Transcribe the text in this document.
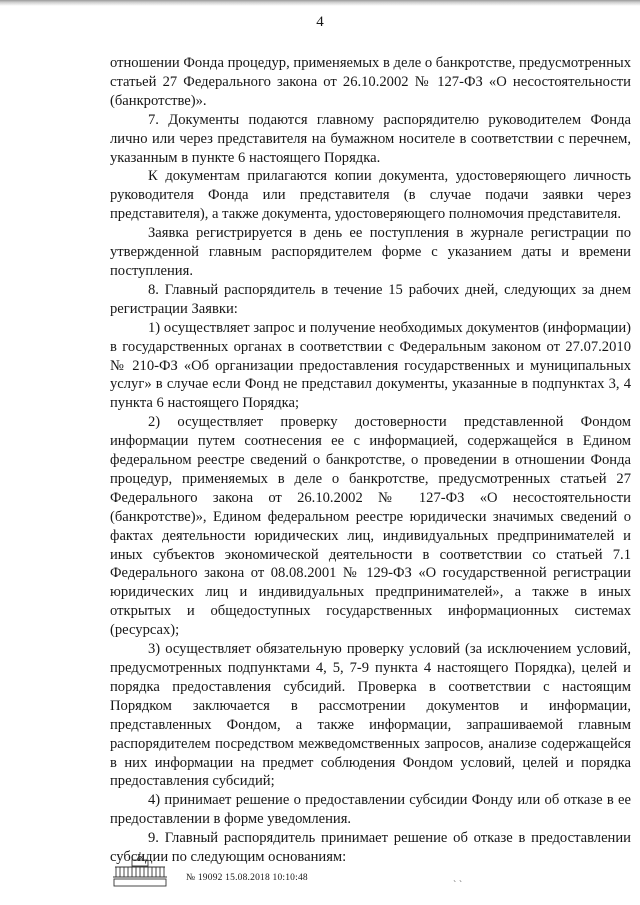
4

отношении Фонда процедур, применяемых в деле о банкротстве, предусмотренных статьей 27 Федерального закона от 26.10.2002 № 127-ФЗ «О несостоятельности (банкротстве)».

7. Документы подаются главному распорядителю руководителем Фонда лично или через представителя на бумажном носителе в соответствии с перечнем, указанным в пункте 6 настоящего Порядка.

К документам прилагаются копии документа, удостоверяющего личность руководителя Фонда или представителя (в случае подачи заявки через представителя), а также документа, удостоверяющего полномочия представителя.

Заявка регистрируется в день ее поступления в журнале регистрации по утвержденной главным распорядителем форме с указанием даты и времени поступления.

8. Главный распорядитель в течение 15 рабочих дней, следующих за днем регистрации Заявки:

1) осуществляет запрос и получение необходимых документов (информации) в государственных органах в соответствии с Федеральным законом от 27.07.2010 № 210-ФЗ «Об организации предоставления государственных и муниципальных услуг» в случае если Фонд не представил документы, указанные в подпунктах 3, 4 пункта 6 настоящего Порядка;

2) осуществляет проверку достоверности представленной Фондом информации путем соотнесения ее с информацией, содержащейся в Едином федеральном реестре сведений о банкротстве, о проведении в отношении Фонда процедур, применяемых в деле о банкротстве, предусмотренных статьей 27 Федерального закона от 26.10.2002 № 127-ФЗ «О несостоятельности (банкротстве)», Едином федеральном реестре юридически значимых сведений о фактах деятельности юридических лиц, индивидуальных предпринимателей и иных субъектов экономической деятельности в соответствии со статьей 7.1 Федерального закона от 08.08.2001 № 129-ФЗ «О государственной регистрации юридических лиц и индивидуальных предпринимателей», а также в иных открытых и общедоступных государственных информационных системах (ресурсах);

3) осуществляет обязательную проверку условий (за исключением условий, предусмотренных подпунктами 4, 5, 7-9 пункта 4 настоящего Порядка), целей и порядка предоставления субсидий. Проверка в соответствии с настоящим Порядком заключается в рассмотрении документов и информации, представленных Фондом, а также информации, запрашиваемой главным распорядителем посредством межведомственных запросов, анализе содержащейся в них информации на предмет соблюдения Фондом условий, целей и порядка предоставления субсидий;

4) принимает решение о предоставлении субсидии Фонду или об отказе в ее предоставлении в форме уведомления.

9. Главный распорядитель принимает решение об отказе в предоставлении субсидии по следующим основаниям:

№ 19092 15.08.2018 10:10:48
` `
